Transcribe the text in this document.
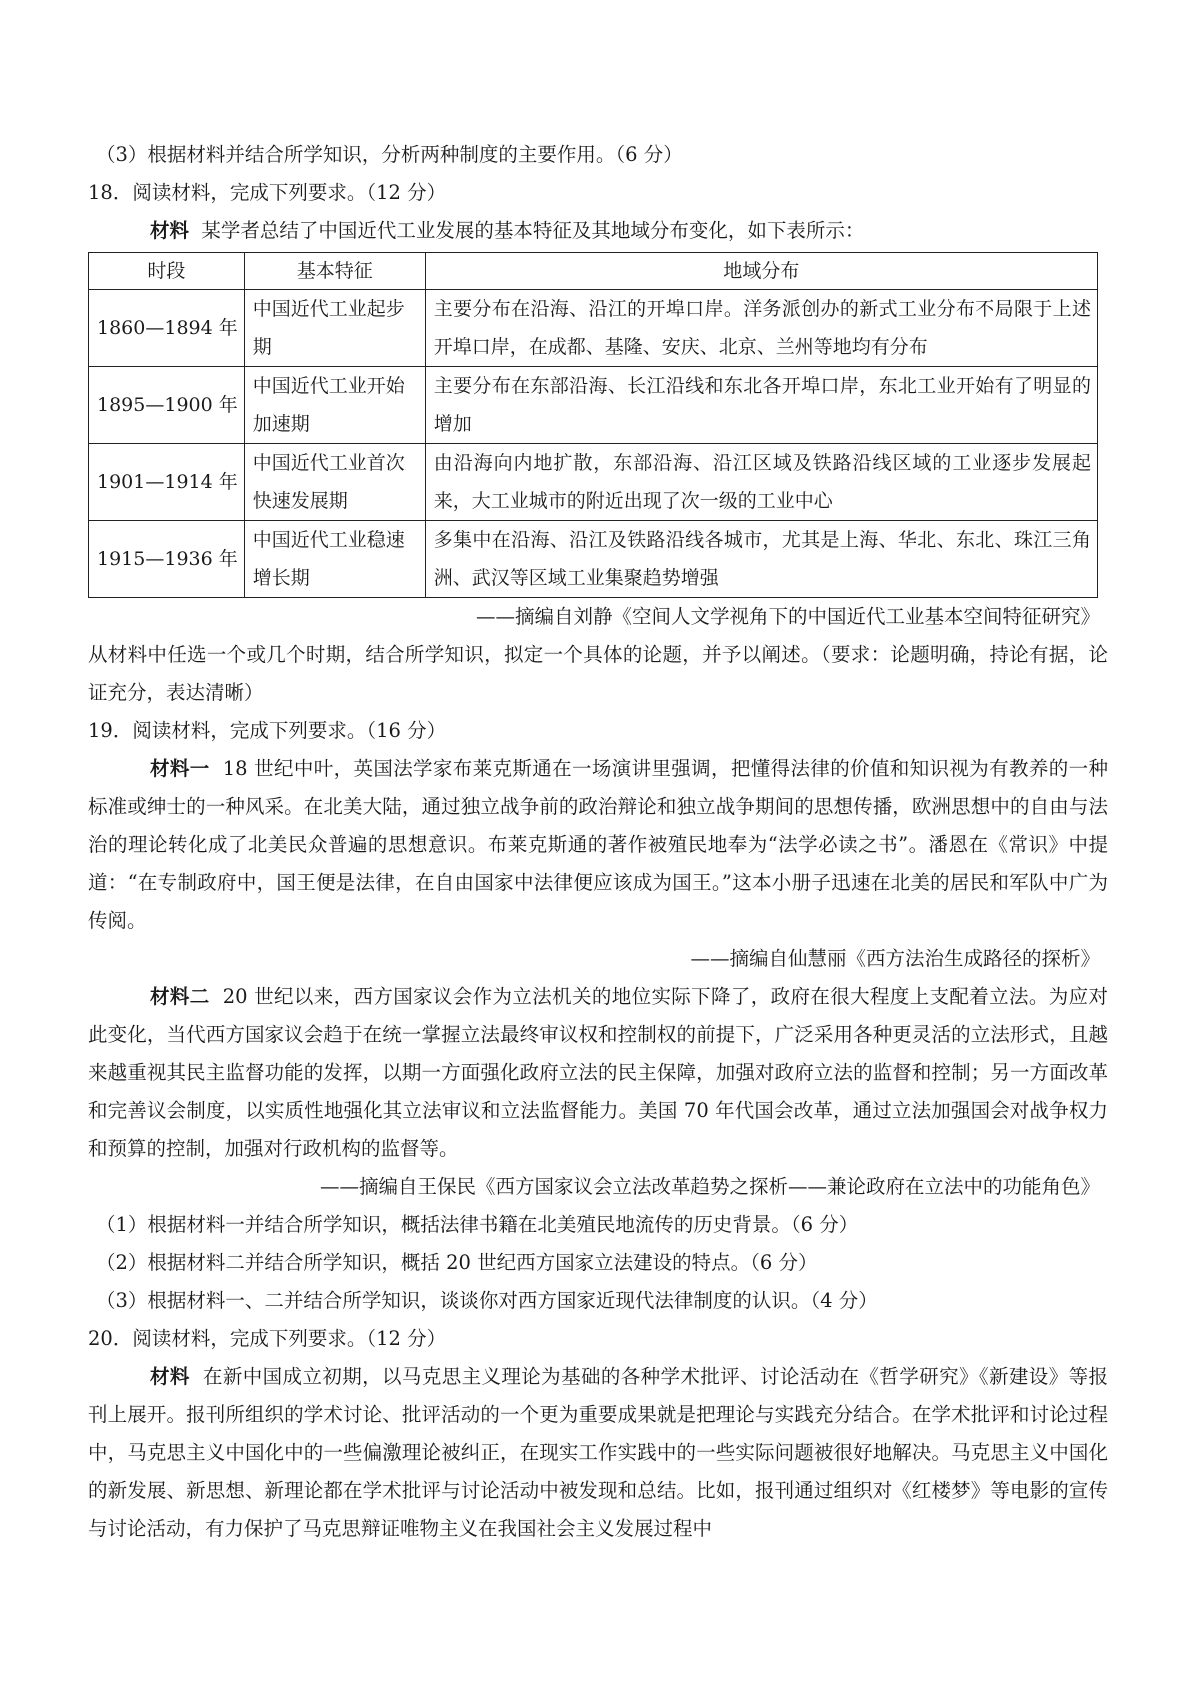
（3）根据材料并结合所学知识，分析两种制度的主要作用。（6 分）

18．阅读材料，完成下列要求。（12 分）

材料 某学者总结了中国近代工业发展的基本特征及其地域分布变化，如下表所示：

时段	基本特征	地域分布
1860—1894 年	中国近代工业起步期	主要分布在沿海、沿江的开埠口岸。洋务派创办的新式工业分布不局限于上述开埠口岸，在成都、基隆、安庆、北京、兰州等地均有分布
1895—1900 年	中国近代工业开始加速期	主要分布在东部沿海、长江沿线和东北各开埠口岸，东北工业开始有了明显的增加
1901—1914 年	中国近代工业首次快速发展期	由沿海向内地扩散，东部沿海、沿江区域及铁路沿线区域的工业逐步发展起来，大工业城市的附近出现了次一级的工业中心
1915—1936 年	中国近代工业稳速增长期	多集中在沿海、沿江及铁路沿线各城市，尤其是上海、华北、东北、珠江三角洲、武汉等区域工业集聚趋势增强

——摘编自刘静《空间人文学视角下的中国近代工业基本空间特征研究》

从材料中任选一个或几个时期，结合所学知识，拟定一个具体的论题，并予以阐述。（要求：论题明确，持论有据，论证充分，表达清晰）

19．阅读材料，完成下列要求。（16 分）

材料一 18 世纪中叶，英国法学家布莱克斯通在一场演讲里强调，把懂得法律的价值和知识视为有教养的一种标准或绅士的一种风采。在北美大陆，通过独立战争前的政治辩论和独立战争期间的思想传播，欧洲思想中的自由与法治的理论转化成了北美民众普遍的思想意识。布莱克斯通的著作被殖民地奉为“法学必读之书”。潘恩在《常识》中提道：“在专制政府中，国王便是法律，在自由国家中法律便应该成为国王。”这本小册子迅速在北美的居民和军队中广为传阅。

——摘编自仙慧丽《西方法治生成路径的探析》

材料二 20 世纪以来，西方国家议会作为立法机关的地位实际下降了，政府在很大程度上支配着立法。为应对此变化，当代西方国家议会趋于在统一掌握立法最终审议权和控制权的前提下，广泛采用各种更灵活的立法形式，且越来越重视其民主监督功能的发挥，以期一方面强化政府立法的民主保障，加强对政府立法的监督和控制；另一方面改革和完善议会制度，以实质性地强化其立法审议和立法监督能力。美国 70 年代国会改革，通过立法加强国会对战争权力和预算的控制，加强对行政机构的监督等。

——摘编自王保民《西方国家议会立法改革趋势之探析——兼论政府在立法中的功能角色》

（1）根据材料一并结合所学知识，概括法律书籍在北美殖民地流传的历史背景。（6 分）

（2）根据材料二并结合所学知识，概括 20 世纪西方国家立法建设的特点。（6 分）

（3）根据材料一、二并结合所学知识，谈谈你对西方国家近现代法律制度的认识。（4 分）

20．阅读材料，完成下列要求。（12 分）

材料 在新中国成立初期，以马克思主义理论为基础的各种学术批评、讨论活动在《哲学研究》《新建设》等报刊上展开。报刊所组织的学术讨论、批评活动的一个更为重要成果就是把理论与实践充分结合。在学术批评和讨论过程中，马克思主义中国化中的一些偏激理论被纠正，在现实工作实践中的一些实际问题被很好地解决。马克思主义中国化的新发展、新思想、新理论都在学术批评与讨论活动中被发现和总结。比如，报刊通过组织对《红楼梦》等电影的宣传与讨论活动，有力保护了马克思辩证唯物主义在我国社会主义发展过程中
